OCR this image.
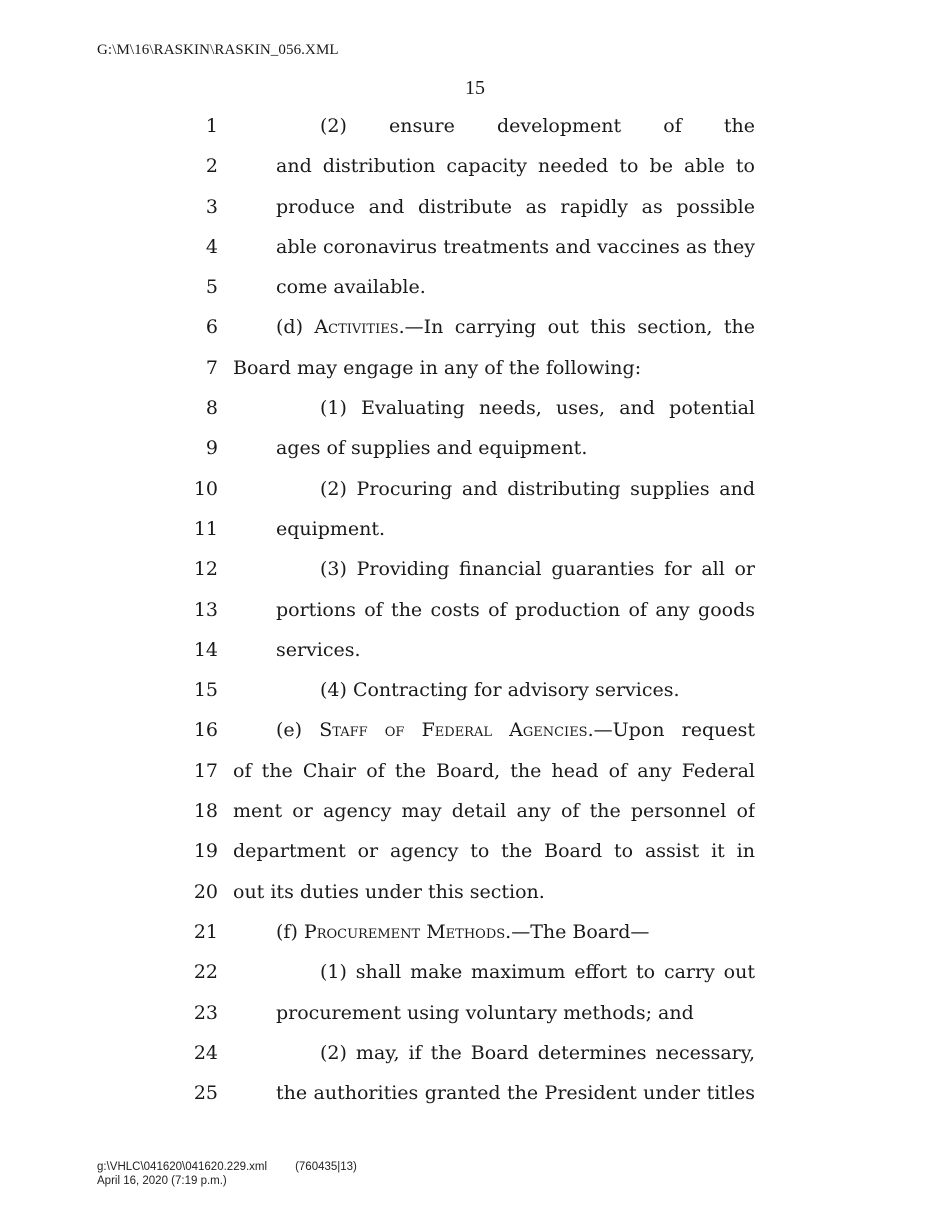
G:\M\16\RASKIN\RASKIN_056.XML
15
1	(2) ensure development of the
2	and distribution capacity needed to be able to
3	produce and distribute as rapidly as possible
4	able coronavirus treatments and vaccines as they
5	come available.
6	(d) Activities.—In carrying out this section, the
7 Board may engage in any of the following:
8	(1) Evaluating needs, uses, and potential
9	ages of supplies and equipment.
10	(2) Procuring and distributing supplies and
11	equipment.
12	(3) Providing financial guaranties for all or
13	portions of the costs of production of any goods
14	services.
15	(4) Contracting for advisory services.
16	(e) Staff of Federal Agencies.—Upon request
17 of the Chair of the Board, the head of any Federal
18 ment or agency may detail any of the personnel of
19 department or agency to the Board to assist it in
20 out its duties under this section.
21	(f) Procurement Methods.—The Board—
22	(1) shall make maximum effort to carry out
23	procurement using voluntary methods; and
24	(2) may, if the Board determines necessary,
25	the authorities granted the President under titles
g:\VHLC\041620\041620.229.xml (760435|13)
April 16, 2020 (7:19 p.m.)
